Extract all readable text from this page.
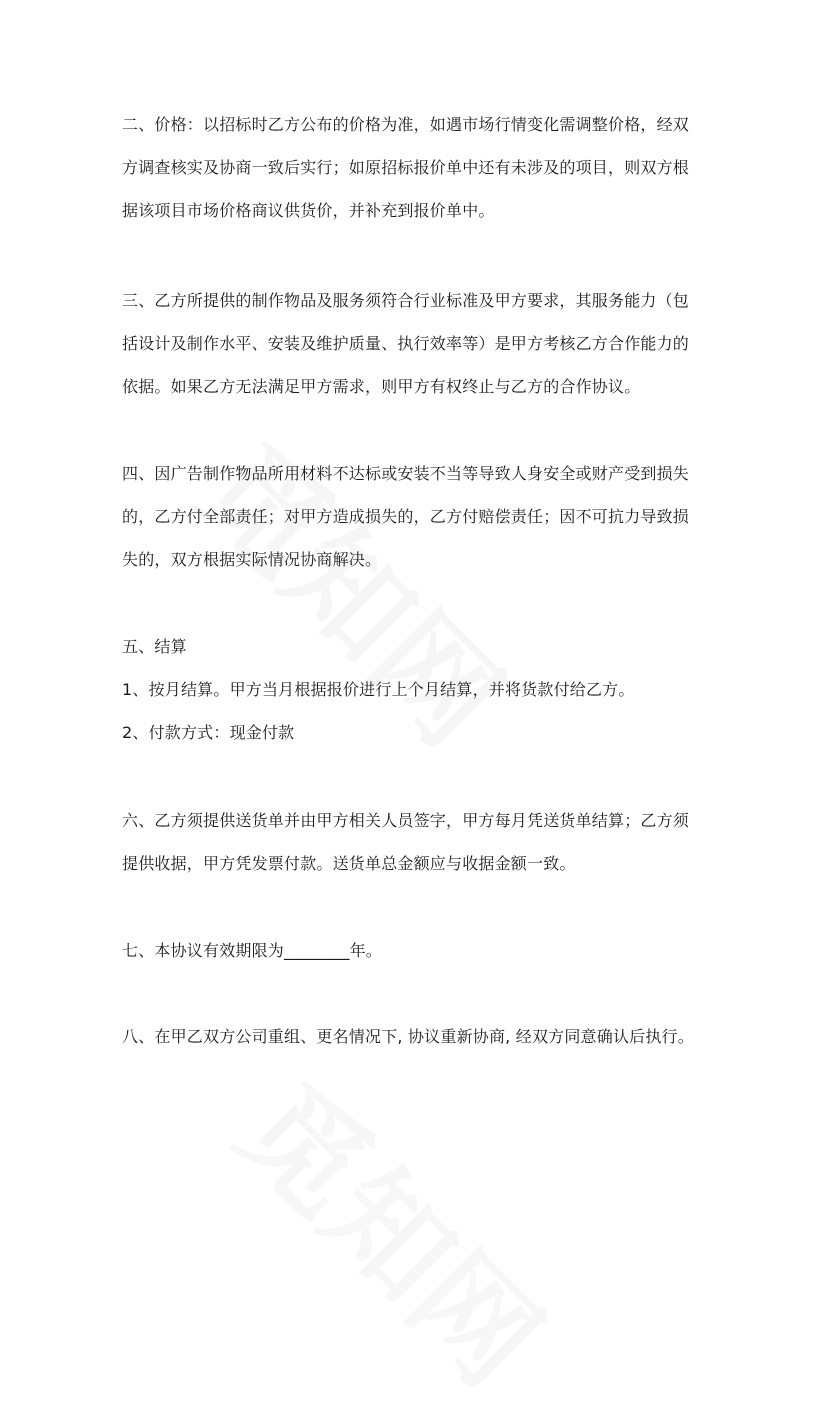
二、价格：以招标时乙方公布的价格为准，如遇市场行情变化需调整价格，经双
方调查核实及协商一致后实行；如原招标报价单中还有未涉及的项目，则双方根
据该项目市场价格商议供货价，并补充到报价单中。

三、乙方所提供的制作物品及服务须符合行业标准及甲方要求，其服务能力（包
括设计及制作水平、安装及维护质量、执行效率等）是甲方考核乙方合作能力的
依据。如果乙方无法满足甲方需求，则甲方有权终止与乙方的合作协议。

四、因广告制作物品所用材料不达标或安装不当等导致人身安全或财产受到损失
的，乙方付全部责任；对甲方造成损失的，乙方付赔偿责任；因不可抗力导致损
失的，双方根据实际情况协商解决。

五、结算
1、按月结算。甲方当月根据报价进行上个月结算，并将货款付给乙方。
2、付款方式：现金付款

六、乙方须提供送货单并由甲方相关人员签字，甲方每月凭送货单结算；乙方须
提供收据，甲方凭发票付款。送货单总金额应与收据金额一致。

七、本协议有效期限为________年。

八、在甲乙双方公司重组、更名情况下, 协议重新协商, 经双方同意确认后执行。
